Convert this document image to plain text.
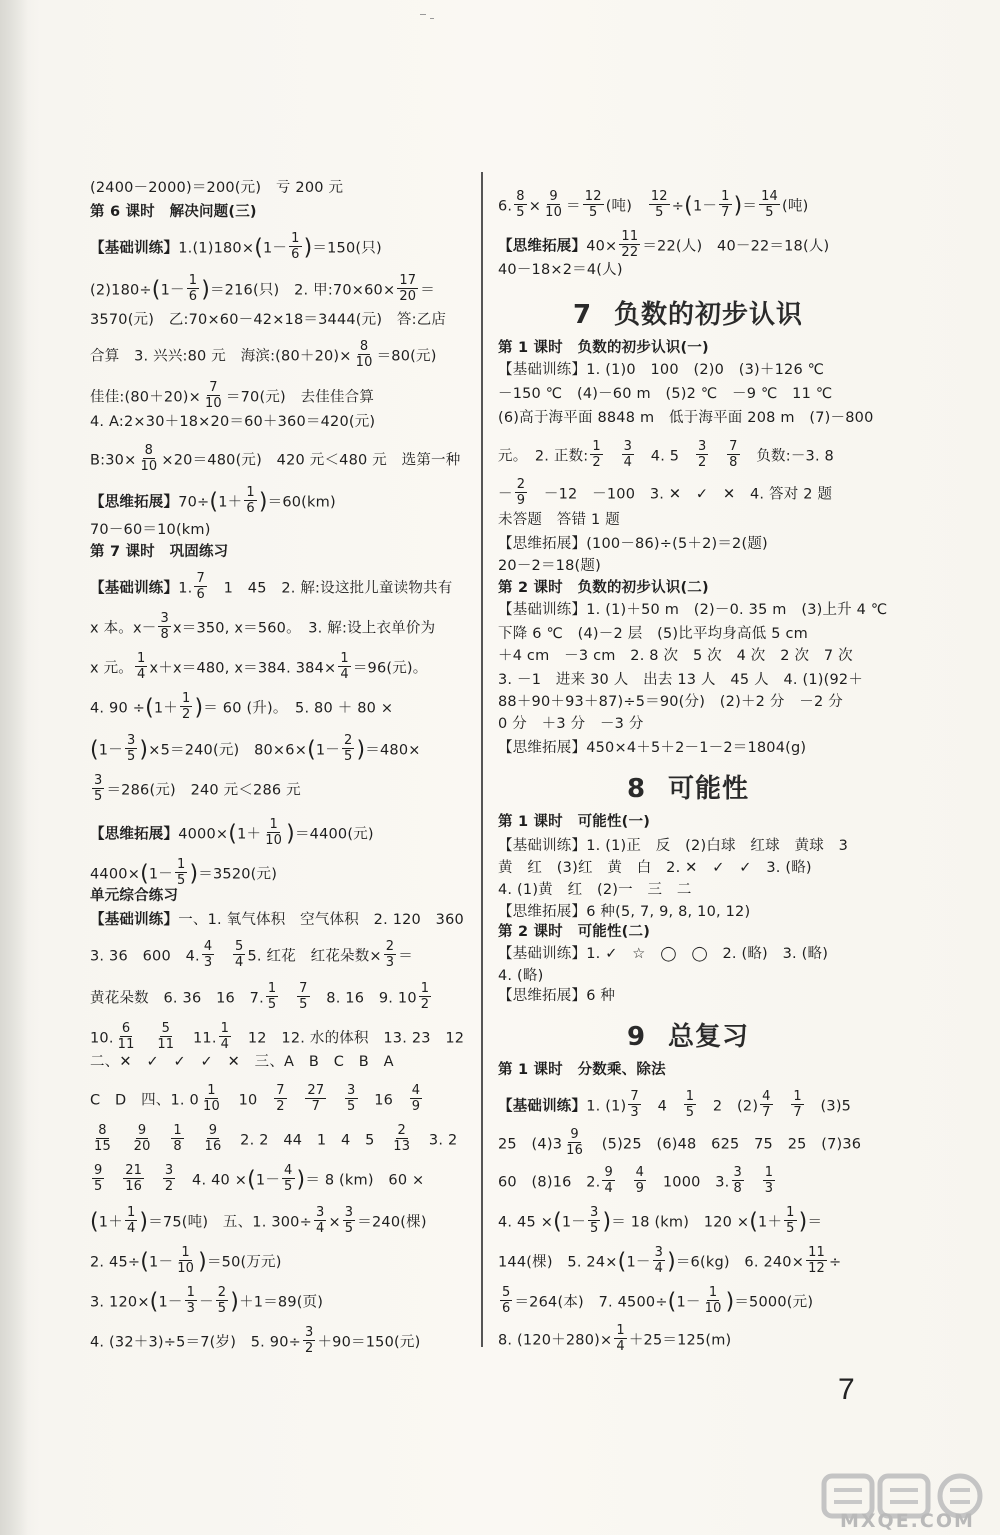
(2400－2000)＝200(元)　 亏 200 元
第 6 课时　解决问题(三)
【基础训练】$1.(1)180\times(1- \frac{1}{6} )=150$(只)
$(2)180\div(1- \frac{1}{6} )=216$(只)　2. 甲:70×60× $\frac{17}{20}$ ＝
3570(元)　乙:70×60－42×18＝3444(元)　答:乙店
合算　3. 兴兴:80 元　海滨:(80＋20)× $\frac{8}{10} =80$(元)
佳佳:(80＋20)× $\frac{7}{10} =70$(元)　去佳佳合算
4. A:2×30＋18×20＝60＋360＝420(元)
B:30× $\frac{8}{10} \times 20=480$(元)　420 元＜480 元　选第一种
【思维拓展】$70\div(1+ \frac{1}{6} )=60(km)$
70－60＝10(km)
第 7 课时　巩固练习
【基础训练】1. $\frac{7}{6}$ 　1　45　2. 解:设这批儿童读物共有
x 本。$x- \frac{3}{8} x=350$, x＝560。　3. 解:设上衣单价为
x 元。 $\frac{1}{4} x+x=480$, x＝384. $384\times \frac{1}{4} =96$(元)。
4. $90 \div(1+ \frac{1}{2}$ )＝ 60 (升)。　5. 80 ＋ 80 ×
$(1- \frac{3}{5} )\times 5=240$(元)　$80\times 6\times(1- \frac{2}{5} )=480\times$
$\frac{3}{5} =286$(元)　240 元＜286 元
【思维拓展】$4000\times(1+ \frac{1}{10} )=4400$(元)
$4400\times(1- \frac{1}{5} )=3520$(元)
单元综合练习
【基础训练】一、1. 氧气体积　空气体积　2. 120　360
3. 36　600　4. $\frac{4}{3}$
　 $\frac{5}{4} 5$. 红花　红花朵数× $\frac{2}{3}$ ＝
黄花朵数　6. 36　16　7. $\frac{1}{5}$
　 $\frac{7}{5}$
　 8. 16　9. $10 \frac{1}{2}$
10. $\frac{6}{11}$
　 $\frac{5}{11}$
　 11. $\frac{1}{4}$
　 12　12. 水的体积　13. 23　12
二、✕　✓　✓　✓　✕　三、A　B　C　B　A
C　D　四、1. $0 \frac{1}{10}$
　 10　 $\frac{7}{2}$
　 $\frac{27}{7}$
　 $\frac{3}{5}$
　 16　 $\frac{4}{9}$
$\frac{8}{15}$
　 $\frac{9}{20}$
　 $\frac{1}{8}$
　 $\frac{9}{16}$
　 2. 2　44　1　4　5　 $\frac{2}{13}$
　 3. 2
$\frac{9}{5}$
　 $\frac{21}{16}$
　 $\frac{3}{2}$
　 4. $40 \times(1- \frac{4}{5}$ )＝ 8 (km)　60 ×
$(1+ \frac{1}{4} )=75$(吨)　五、1. $300\div \frac{3}{4} \times \frac{3}{5} =240$(棵)
2. $45\div(1- \frac{1}{10} )=50$(万元)
3. $120\times(1- \frac{1}{3} - \frac{2}{5} )+1=89$(页)
4. (32＋3)÷5＝7(岁)　5. $90\div \frac{3}{2} +90=150$(元)
6. $\frac{8}{5} \times \frac{9}{10} = \frac{12}{5}$ (吨)　 $\frac{12}{5} \div(1- \frac{1}{7}$ )＝ $\frac{14}{5}$ (吨)
【思维拓展】$40\times \frac{11}{22} =22$(人)　40－22＝18(人)
40－18×2＝4(人)
7 负数的初步认识
第 1 课时　负数的初步认识(一)
【基础训练】1. (1)0　100　(2)0　(3)＋126 ℃
－150 ℃　(4)－60 m　(5)2 ℃　－9 ℃　11 ℃
(6)高于海平面 8848 m　低于海平面 208 m　(7)－800
元。　2. 正数: $\frac{1}{2}$
　 $\frac{3}{4}$
　 4. 5　 $\frac{3}{2}$
　 $\frac{7}{8}$
　 负数:－3. 8
－ $\frac{2}{9}$
　 －12　－100　3. ✕　✓　✕　4. 答对 2 题
未答题　答错 1 题
【思维拓展】(100－86)÷(5＋2)＝2(题)
20－2＝18(题)
第 2 课时　负数的初步认识(二)
【基础训练】1. (1)＋50 m　(2)－0. 35 m　(3)上升 4 ℃
下降 6 ℃　(4)－2 层　(5)比平均身高低 5 cm
＋4 cm　－3 cm　2. 8 次　5 次　4 次　2 次　7 次
3. －1　进来 30 人　出去 13 人　45 人　4. (1)(92＋
88＋90＋93＋87)÷5＝90(分)　(2)＋2 分　－2 分
0 分　＋3 分　－3 分
【思维拓展】450×4＋5＋2－1－2＝1804(g)
8 可能性
第 1 课时　可能性(一)
【基础训练】1. (1)正　反　(2)白球　红球　黄球　3
黄　红　(3)红　黄　白　2. ✕　✓　✓　3. (略)
4. (1)黄　红　(2)一　三　二
【思维拓展】6 种(5, 7, 9, 8, 10, 12)
第 2 课时　可能性(二)
【基础训练】1. ✓　☆　◯　◯　2. (略)　3. (略)
4. (略)
【思维拓展】6 种
9 总复习
第 1 课时　分数乘、除法
【基础训练】1. $(1) \frac{7}{3}$
　 4　 $\frac{1}{5}$
　 2　$(2) \frac{4}{7}$
　 $\frac{1}{7}$
　 (3)5
25　$(4)3 \frac{9}{16}$
　 (5)25　(6)48　625　75　25　(7)36
60　(8)16　2. $\frac{9}{4}$
　 $\frac{4}{9}$
　 1000　3. $\frac{3}{8}$
　 $\frac{1}{3}$
4. $45 \times(1- \frac{3}{5}$ )＝ 18 (km)　$120 \times(1+ \frac{1}{5}$ )＝
144(棵)　5. $24\times(1- \frac{3}{4} )=6(kg)$　6. $240\times \frac{11}{12}$ ÷
$\frac{5}{6} =264$(本)　7. $4500\div(1- \frac{1}{10} )=5000$(元)
8. $(120+280)\times \frac{1}{4} +25=125(m)$
7
MXQE.COM
